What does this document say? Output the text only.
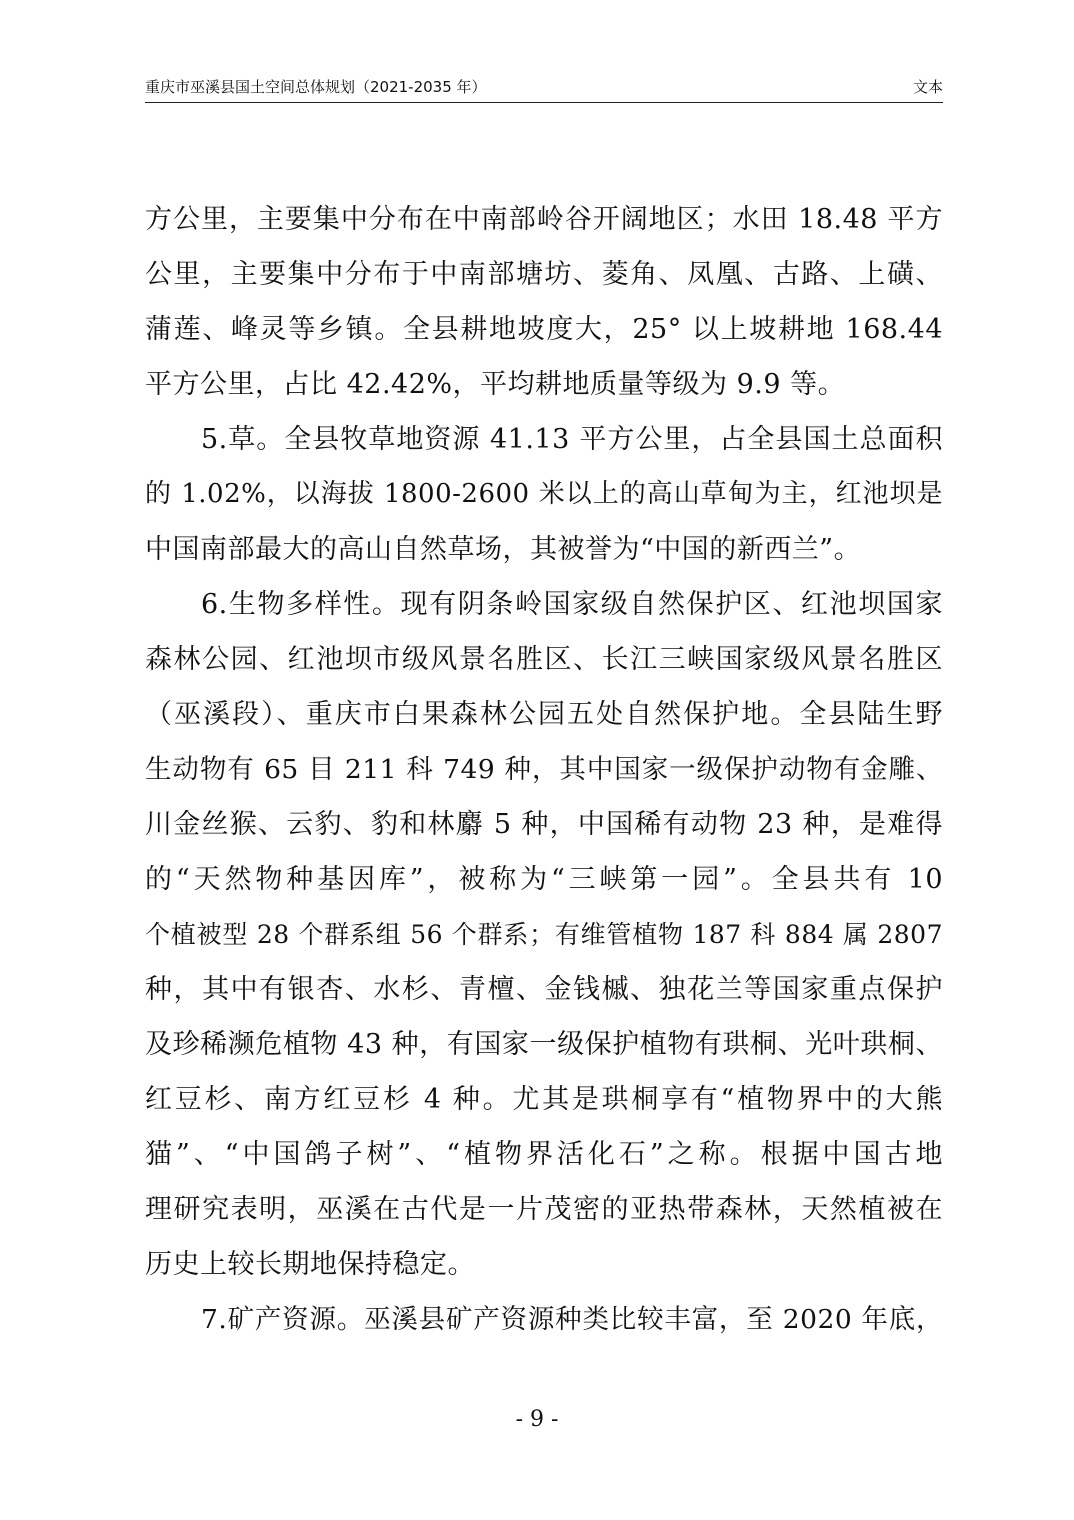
重庆市巫溪县国土空间总体规划（2021-2035 年）	文本
方公里，主要集中分布在中南部岭谷开阔地区；水田 18.48 平方
公里，主要集中分布于中南部塘坊、菱角、凤凰、古路、上磺、
蒲莲、峰灵等乡镇。全县耕地坡度大，25° 以上坡耕地 168.44
平方公里，占比 42.42%，平均耕地质量等级为 9.9 等。
5.草。全县牧草地资源 41.13 平方公里，占全县国土总面积
的 1.02%，以海拔 1800-2600 米以上的高山草甸为主，红池坝是
中国南部最大的高山自然草场，其被誉为“中国的新西兰”。
6.生物多样性。现有阴条岭国家级自然保护区、红池坝国家
森林公园、红池坝市级风景名胜区、长江三峡国家级风景名胜区
（巫溪段）、重庆市白果森林公园五处自然保护地。全县陆生野
生动物有 65 目 211 科 749 种，其中国家一级保护动物有金雕、
川金丝猴、云豹、豹和林麝 5 种，中国稀有动物 23 种，是难得
的“天然物种基因库”，被称为“三峡第一园”。全县共有 10
个植被型 28 个群系组 56 个群系；有维管植物 187 科 884 属 2807
种，其中有银杏、水杉、青檀、金钱槭、独花兰等国家重点保护
及珍稀濒危植物 43 种，有国家一级保护植物有珙桐、光叶珙桐、
红豆杉、南方红豆杉 4 种。尤其是珙桐享有“植物界中的大熊
猫”、“中国鸽子树”、“植物界活化石”之称。根据中国古地
理研究表明，巫溪在古代是一片茂密的亚热带森林，天然植被在
历史上较长期地保持稳定。
7.矿产资源。巫溪县矿产资源种类比较丰富，至 2020 年底，
- 9 -
